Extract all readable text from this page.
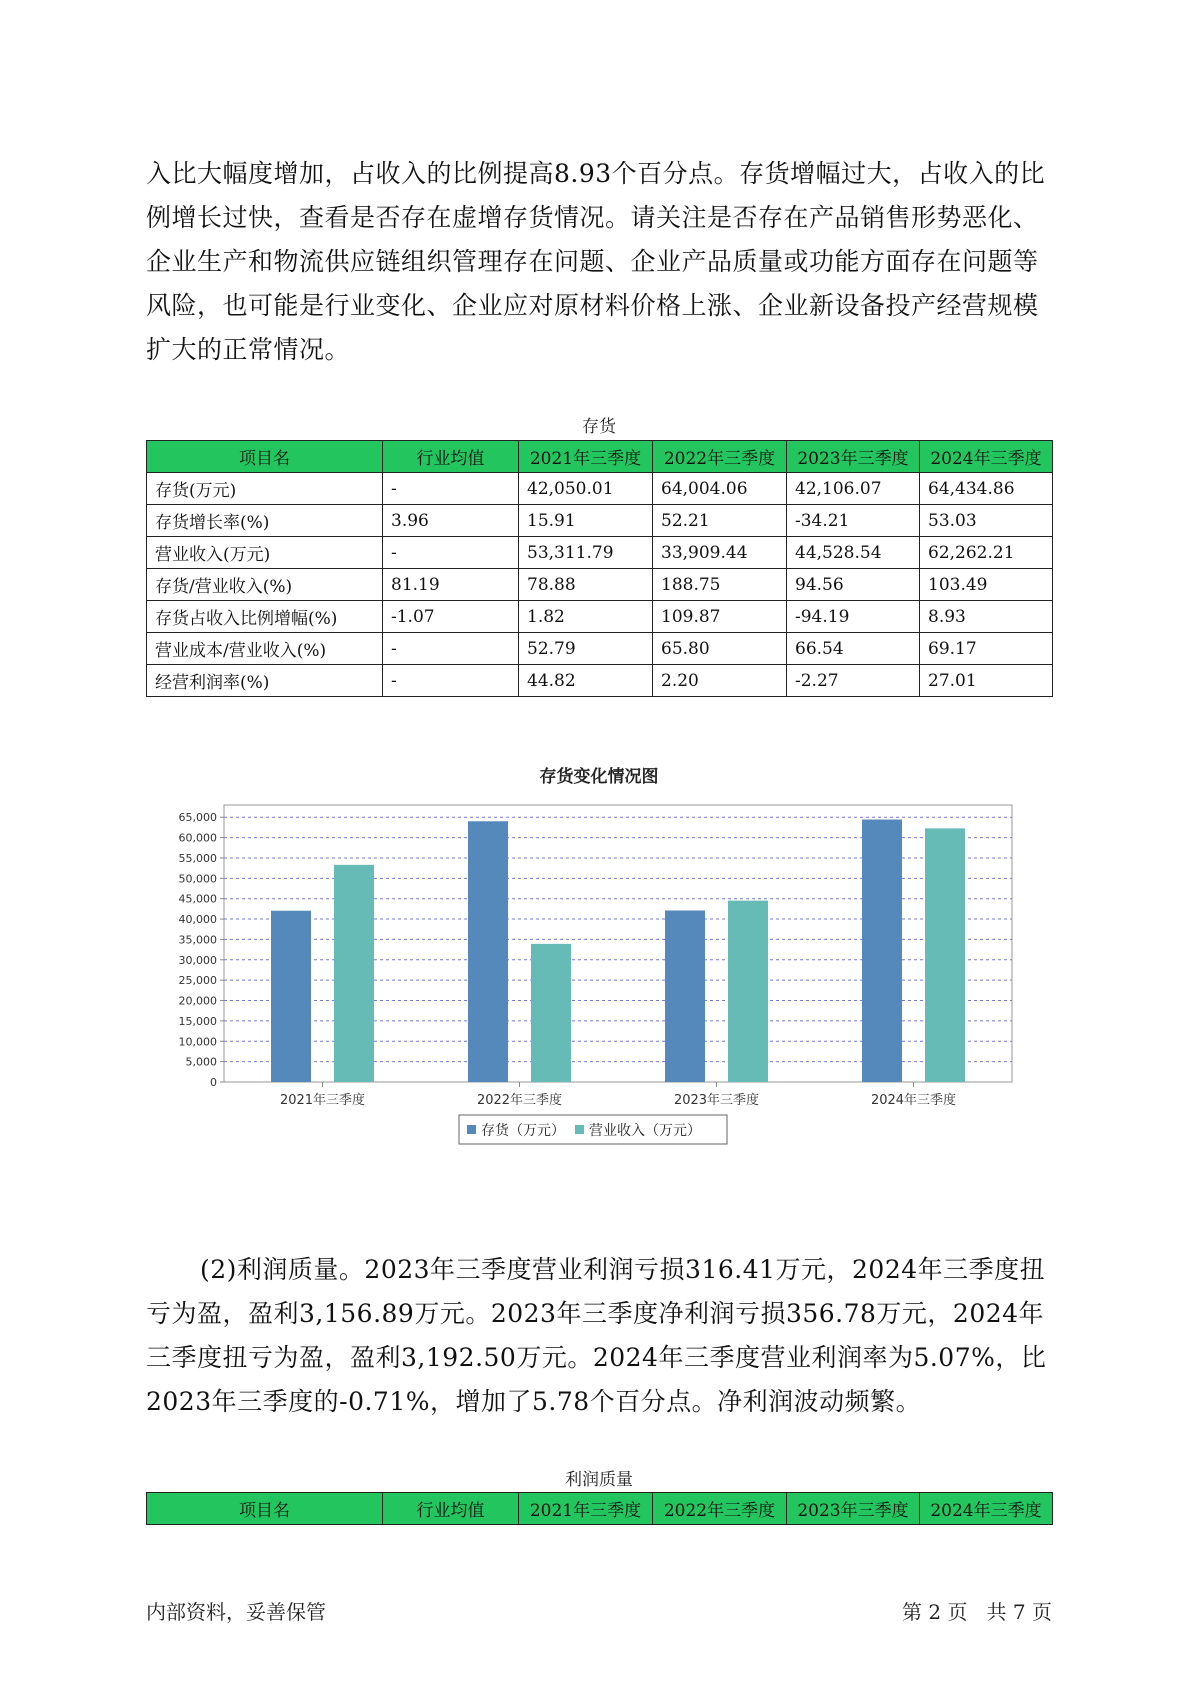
入比大幅度增加，占收入的比例提高8.93个百分点。存货增幅过大，占收入的比例增长过快，查看是否存在虚增存货情况。请关注是否存在产品销售形势恶化、企业生产和物流供应链组织管理存在问题、企业产品质量或功能方面存在问题等风险，也可能是行业变化、企业应对原材料价格上涨、企业新设备投产经营规模扩大的正常情况。

存货
项目名	行业均值	2021年三季度	2022年三季度	2023年三季度	2024年三季度
存货(万元)	-	42,050.01	64,004.06	42,106.07	64,434.86
存货增长率(%)	3.96	15.91	52.21	-34.21	53.03
营业收入(万元)	-	53,311.79	33,909.44	44,528.54	62,262.21
存货/营业收入(%)	81.19	78.88	188.75	94.56	103.49
存货占收入比例增幅(%)	-1.07	1.82	109.87	-94.19	8.93
营业成本/营业收入(%)	-	52.79	65.80	66.54	69.17
经营利润率(%)	-	44.82	2.20	-2.27	27.01
存货变化情况图
0
5,000
10,000
15,000
20,000
25,000
30,000
35,000
40,000
45,000
50,000
55,000
60,000
65,000
2021年三季度	2022年三季度	2023年三季度	2024年三季度
存货（万元） 营业收入（万元）

(2)利润质量。2023年三季度营业利润亏损316.41万元，2024年三季度扭亏为盈，盈利3,156.89万元。2023年三季度净利润亏损356.78万元，2024年三季度扭亏为盈，盈利3,192.50万元。2024年三季度营业利润率为5.07%，比2023年三季度的-0.71%，增加了5.78个百分点。净利润波动频繁。

利润质量
项目名	行业均值	2021年三季度	2022年三季度	2023年三季度	2024年三季度
内部资料，妥善保管	第 2 页   共 7 页
